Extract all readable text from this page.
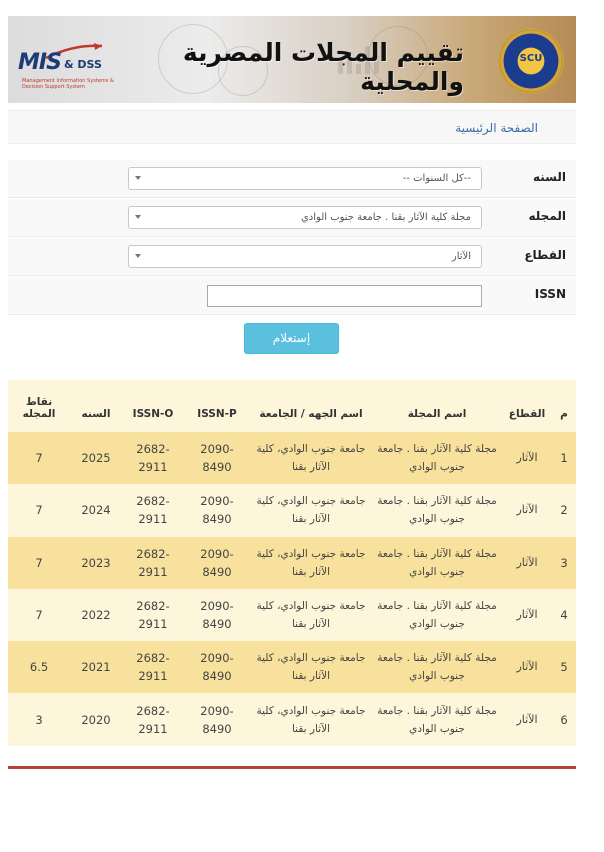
MIS & DSS
Management Information Systems & Decision Support System
تقييم المجلات المصرية والمحلية
SCU
الصفحة الرئيسية
السنه
--كل السنوات --
المجله
مجلة كلية الآثار بقنا . جامعة جنوب الوادي
القطاع
الآثار
ISSN
إستعلام
م	القطاع	اسم المجلة	اسم الجهه / الجامعة	ISSN-P	ISSN-O	السنه	نقاط المجله
1	الآثار	مجلة كلية الآثار بقنا . جامعة جنوب الوادي	جامعة جنوب الوادي، كلية الآثار بقنا	2090-8490	2682-2911	2025	7
2	الآثار	مجلة كلية الآثار بقنا . جامعة جنوب الوادي	جامعة جنوب الوادي، كلية الآثار بقنا	2090-8490	2682-2911	2024	7
3	الآثار	مجلة كلية الآثار بقنا . جامعة جنوب الوادي	جامعة جنوب الوادي، كلية الآثار بقنا	2090-8490	2682-2911	2023	7
4	الآثار	مجلة كلية الآثار بقنا . جامعة جنوب الوادي	جامعة جنوب الوادي، كلية الآثار بقنا	2090-8490	2682-2911	2022	7
5	الآثار	مجلة كلية الآثار بقنا . جامعة جنوب الوادي	جامعة جنوب الوادي، كلية الآثار بقنا	2090-8490	2682-2911	2021	6.5
6	الآثار	مجلة كلية الآثار بقنا . جامعة جنوب الوادي	جامعة جنوب الوادي، كلية الآثار بقنا	2090-8490	2682-2911	2020	3
